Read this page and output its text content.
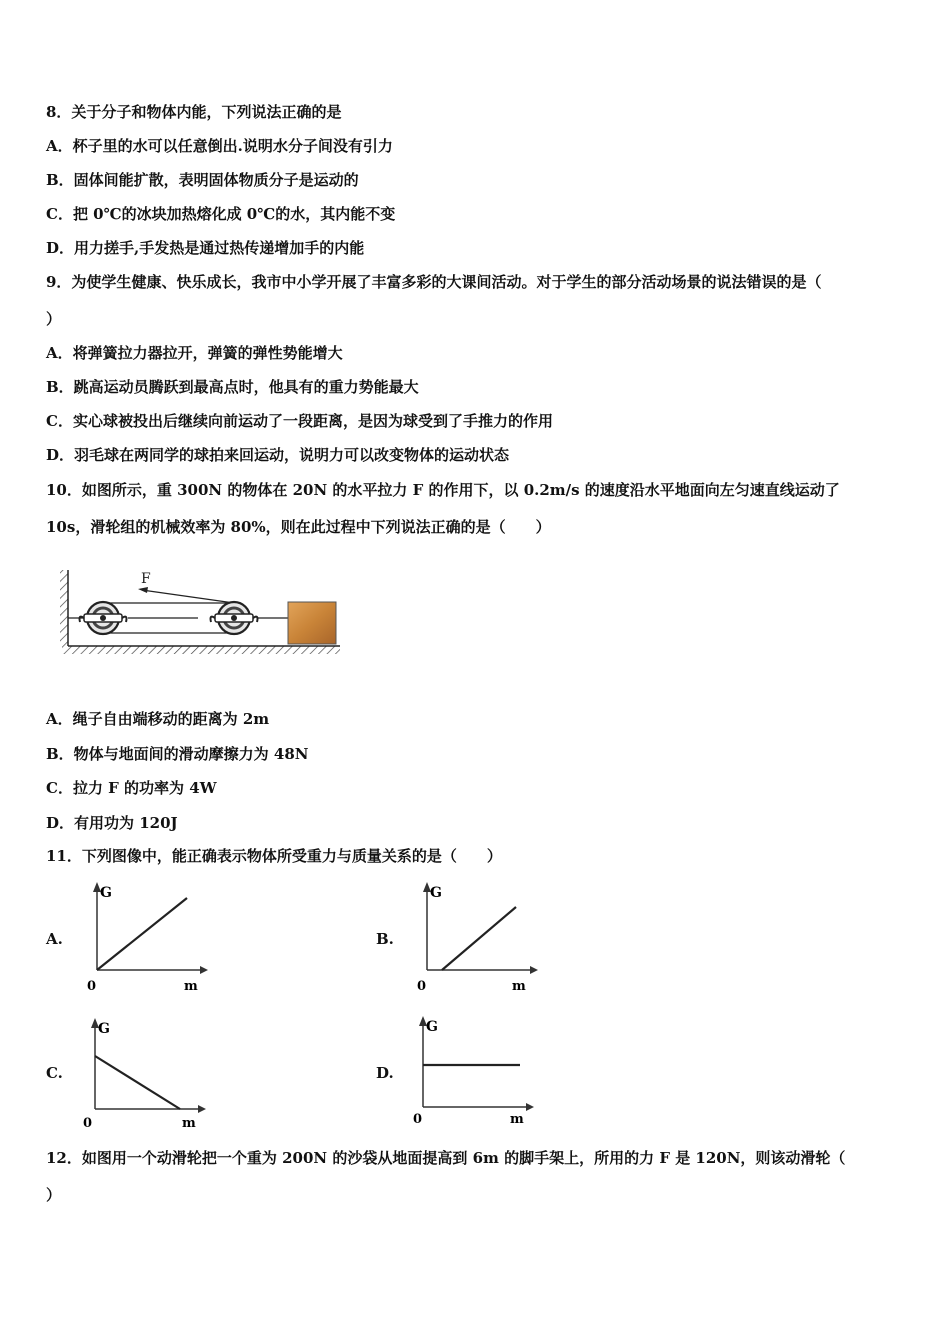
8．关于分子和物体内能，下列说法正确的是
A．杯子里的水可以任意倒出.说明水分子间没有引力
B．固体间能扩散，表明固体物质分子是运动的
C．把 0℃的冰块加热熔化成 0℃的水，其内能不变
D．用力搓手,手发热是通过热传递增加手的内能
9．为使学生健康、快乐成长，我市中小学开展了丰富多彩的大课间活动。对于学生的部分活动场景的说法错误的是（
）
A．将弹簧拉力器拉开，弹簧的弹性势能增大
B．跳高运动员腾跃到最高点时，他具有的重力势能最大
C．实心球被投出后继续向前运动了一段距离，是因为球受到了手推力的作用
D．羽毛球在两同学的球拍来回运动，说明力可以改变物体的运动状态
10．如图所示，重 300N 的物体在 20N 的水平拉力 F 的作用下，以 0.2m/s 的速度沿水平地面向左匀速直线运动了
10s，滑轮组的机械效率为 80%，则在此过程中下列说法正确的是（　　）
F
A．绳子自由端移动的距离为 2m
B．物体与地面间的滑动摩擦力为 48N
C．拉力 F 的功率为 4W
D．有用功为 120J
11．下列图像中，能正确表示物体所受重力与质量关系的是（　　）
A.
G
m
0
B.
G
m
0
C.
G
m
0
D.
G
m
0
12．如图用一个动滑轮把一个重为 200N 的沙袋从地面提高到 6m 的脚手架上，所用的力 F 是 120N，则该动滑轮（
）
